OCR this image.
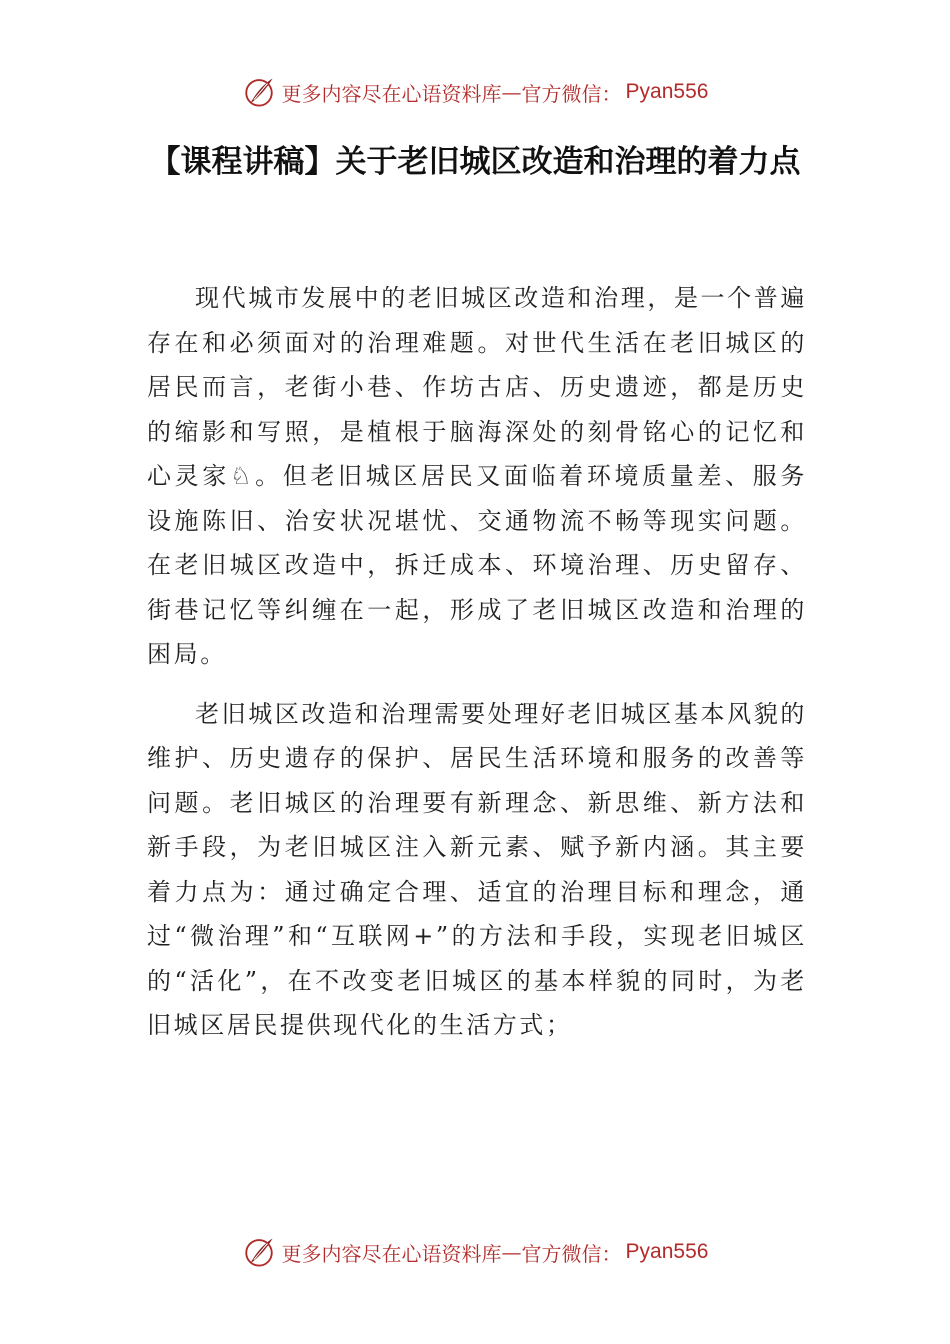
更多内容尽在心语资料库 — 官方微信： Pyan556
【课程讲稿】关于老旧城区改造和治理的着力点

现代城市发展中的老旧城区改造和治理，是一个普遍存在和必须面对的治理难题。对世代生活在老旧城区的居民而言，老街小巷、作坊古店、历史遗迹，都是历史的缩影和写照，是植根于脑海深处的刻骨铭心的记忆和心灵家♘。但老旧城区居民又面临着环境质量差、服务设施陈旧、治安状况堪忧、交通物流不畅等现实问题。在老旧城区改造中，拆迁成本、环境治理、历史留存、街巷记忆等纠缠在一起，形成了老旧城区改造和治理的困局。

老旧城区改造和治理需要处理好老旧城区基本风貌的维护、历史遗存的保护、居民生活环境和服务的改善等问题。老旧城区的治理要有新理念、新思维、新方法和新手段，为老旧城区注入新元素、赋予新内涵。其主要着力点为：通过确定合理、适宜的治理目标和理念，通过“微治理”和“互联网+”的方法和手段，实现老旧城区的“活化”，在不改变老旧城区的基本样貌的同时，为老旧城区居民提供现代化的生活方式；

更多内容尽在心语资料库 — 官方微信： Pyan556
